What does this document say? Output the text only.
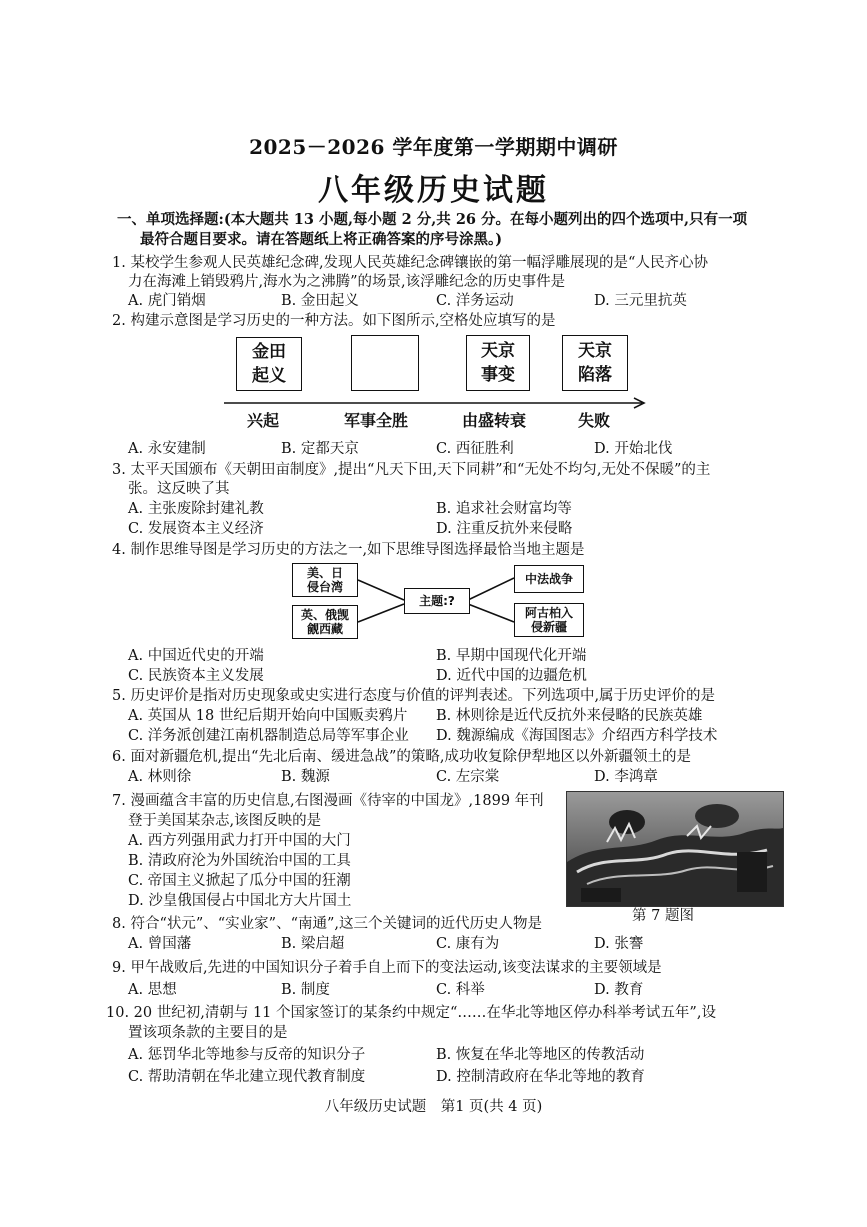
2025－2026 学年度第一学期期中调研
八年级历史试题
一、单项选择题:(本大题共 13 小题,每小题 2 分,共 26 分。在每小题列出的四个选项中,只有一项
最符合题目要求。请在答题纸上将正确答案的序号涂黑。)
1. 某校学生参观人民英雄纪念碑,发现人民英雄纪念碑镶嵌的第一幅浮雕展现的是“人民齐心协
力在海滩上销毁鸦片,海水为之沸腾”的场景,该浮雕纪念的历史事件是
A. 虎门销烟	B. 金田起义	C. 洋务运动	D. 三元里抗英
2. 构建示意图是学习历史的一种方法。如下图所示,空格处应填写的是
金田
起义
天京
事变
天京
陷落
兴起	军事全胜	由盛转衰	失败
A. 永安建制	B. 定都天京	C. 西征胜利	D. 开始北伐
3. 太平天国颁布《天朝田亩制度》,提出“凡天下田,天下同耕”和“无处不均匀,无处不保暖”的主
张。这反映了其
A. 主张废除封建礼教	B. 追求社会财富均等
C. 发展资本主义经济	D. 注重反抗外来侵略
4. 制作思维导图是学习历史的方法之一,如下思维导图选择最恰当地主题是
美、日
侵台湾
英、俄觊
觎西藏
主题:?
中法战争
阿古柏入
侵新疆
A. 中国近代史的开端	B. 早期中国现代化开端
C. 民族资本主义发展	D. 近代中国的边疆危机
5. 历史评价是指对历史现象或史实进行态度与价值的评判表述。下列选项中,属于历史评价的是
A. 英国从 18 世纪后期开始向中国贩卖鸦片 B. 林则徐是近代反抗外来侵略的民族英雄
C. 洋务派创建江南机器制造总局等军事企业 D. 魏源编成《海国图志》介绍西方科学技术
6. 面对新疆危机,提出“先北后南、缓进急战”的策略,成功收复除伊犁地区以外新疆领土的是
A. 林则徐	B. 魏源	C. 左宗棠	D. 李鸿章
7. 漫画蕴含丰富的历史信息,右图漫画《待宰的中国龙》,1899 年刊
登于美国某杂志,该图反映的是
A. 西方列强用武力打开中国的大门
B. 清政府沦为外国统治中国的工具
C. 帝国主义掀起了瓜分中国的狂潮
D. 沙皇俄国侵占中国北方大片国土
第 7 题图
8. 符合“状元”、“实业家”、“南通”,这三个关键词的近代历史人物是
A. 曾国藩	B. 梁启超	C. 康有为	D. 张謇
9. 甲午战败后,先进的中国知识分子着手自上而下的变法运动,该变法谋求的主要领域是
A. 思想	B. 制度	C. 科举	D. 教育
10. 20 世纪初,清朝与 11 个国家签订的某条约中规定“……在华北等地区停办科举考试五年”,设
置该项条款的主要目的是
A. 惩罚华北等地参与反帝的知识分子	B. 恢复在华北等地区的传教活动
C. 帮助清朝在华北建立现代教育制度	D. 控制清政府在华北等地的教育
八年级历史试题　第1 页(共 4 页)
